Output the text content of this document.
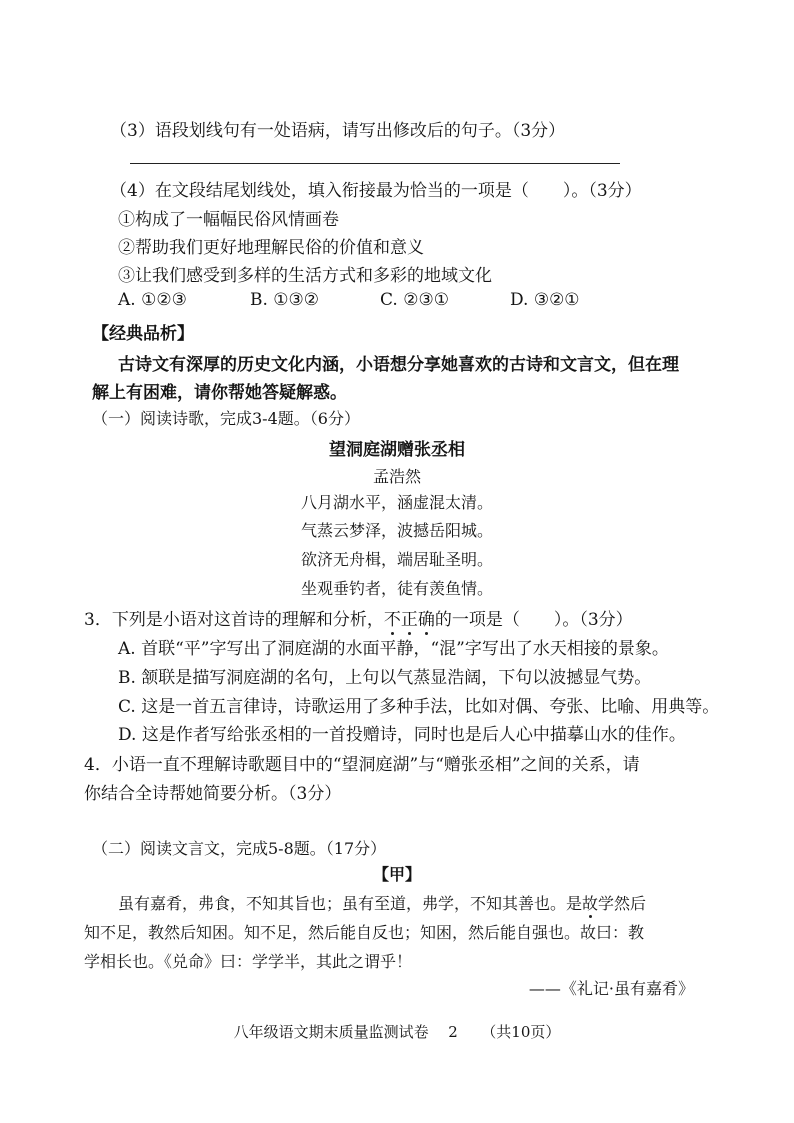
（3）语段划线句有一处语病，请写出修改后的句子。（3分）
（4）在文段结尾划线处，填入衔接最为恰当的一项是（　　）。（3分）
①构成了一幅幅民俗风情画卷
②帮助我们更好地理解民俗的价值和意义
③让我们感受到多样的生活方式和多彩的地域文化
A. ①②③	B. ①③②	C. ②③①	D. ③②①
【经典品析】
古诗文有深厚的历史文化内涵，小语想分享她喜欢的古诗和文言文，但在理
解上有困难，请你帮她答疑解惑。
（一）阅读诗歌，完成3-4题。（6分）
望洞庭湖赠张丞相
孟浩然
八月湖水平，涵虚混太清。
气蒸云梦泽，波撼岳阳城。
欲济无舟楫，端居耻圣明。
坐观垂钓者，徒有羡鱼情。
3．下列是小语对这首诗的理解和分析，不正确的一项是（　　）。（3分）
A. 首联“平”字写出了洞庭湖的水面平静，“混”字写出了水天相接的景象。
B. 颔联是描写洞庭湖的名句，上句以气蒸显浩阔，下句以波撼显气势。
C. 这是一首五言律诗，诗歌运用了多种手法，比如对偶、夸张、比喻、用典等。
D. 这是作者写给张丞相的一首投赠诗，同时也是后人心中描摹山水的佳作。
4．小语一直不理解诗歌题目中的“望洞庭湖”与“赠张丞相”之间的关系，请
你结合全诗帮她简要分析。（3分）
（二）阅读文言文，完成5-8题。（17分）
【甲】
虽有嘉肴，弗食，不知其旨也；虽有至道，弗学，不知其善也。是故学然后
知不足，教然后知困。知不足，然后能自反也；知困，然后能自强也。故曰：教
学相长也。《兑命》曰：学学半，其此之谓乎！
——《礼记·虽有嘉肴》
八年级语文期末质量监测试卷 2 （共10页）
